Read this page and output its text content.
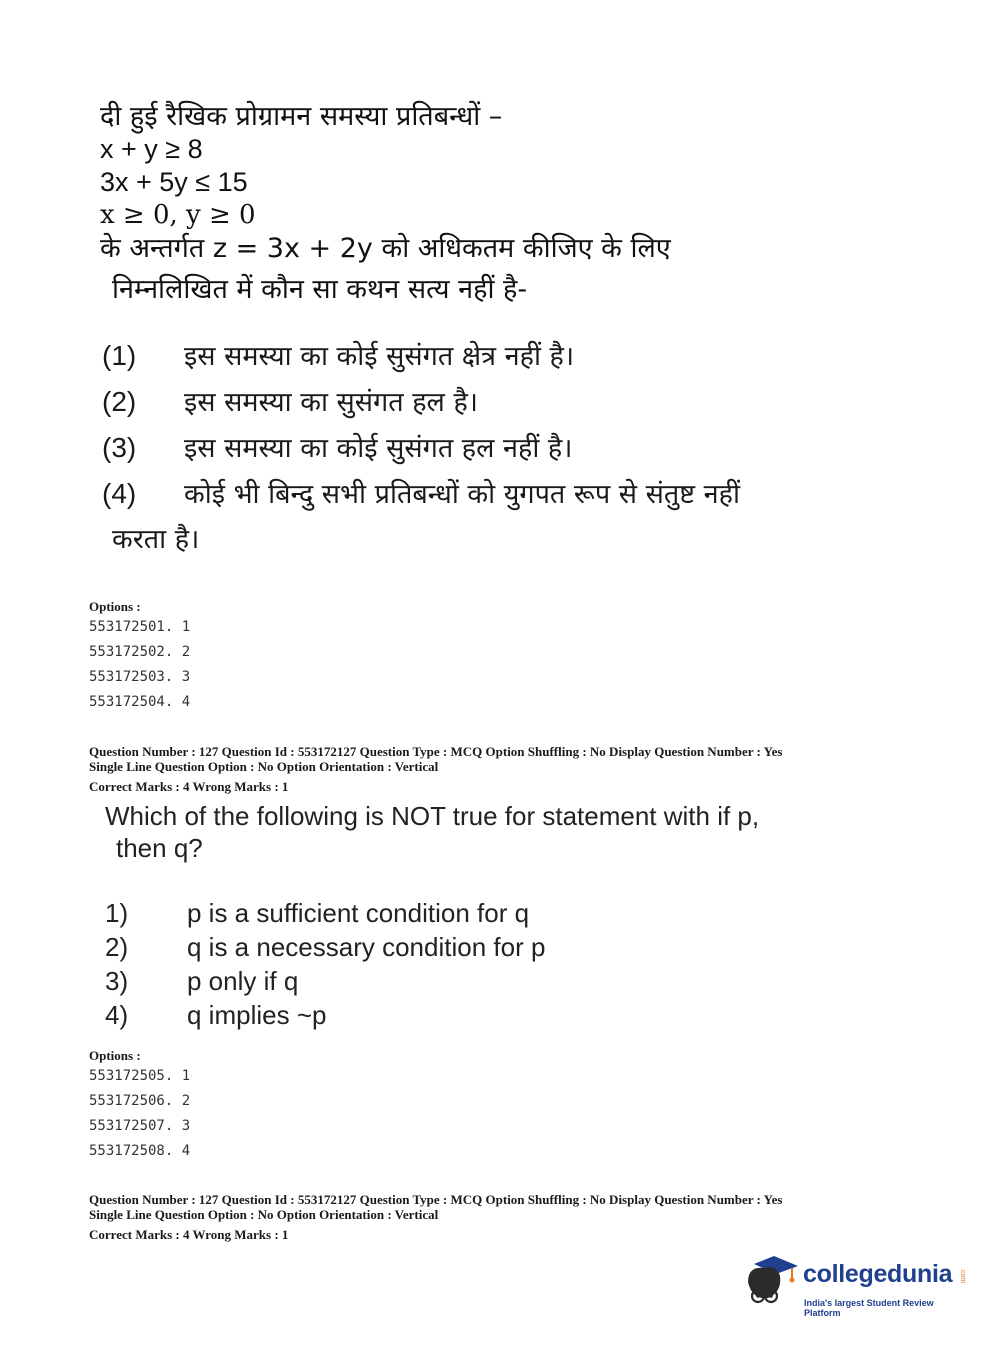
दी हुई रैखिक प्रोग्रामन समस्या प्रतिबन्धों –
x + y ≥ 8
3x + 5y ≤ 15
x ≥ 0, y ≥ 0
के अन्तर्गत z = 3x + 2y को अधिकतम कीजिए के लिए
निम्नलिखित में कौन सा कथन सत्य नहीं है-
(1)	इस समस्या का कोई सुसंगत क्षेत्र नहीं है।
(2)	इस समस्या का सुसंगत हल है।
(3)	इस समस्या का कोई सुसंगत हल नहीं है।
(4)	कोई भी बिन्दु सभी प्रतिबन्धों को युगपत रूप से संतुष्ट नहीं
करता है।
Options :
553172501. 1
553172502. 2
553172503. 3
553172504. 4
Question Number : 127 Question Id : 553172127 Question Type : MCQ Option Shuffling : No Display Question Number : Yes
Single Line Question Option : No Option Orientation : Vertical
Correct Marks : 4 Wrong Marks : 1
Which of the following is NOT true for statement with if p,
then q?
1)	p is a sufficient condition for q
2)	q is a necessary condition for p
3)	p only if q
4)	q implies ~p
Options :
553172505. 1
553172506. 2
553172507. 3
553172508. 4
Question Number : 127 Question Id : 553172127 Question Type : MCQ Option Shuffling : No Display Question Number : Yes
Single Line Question Option : No Option Orientation : Vertical
Correct Marks : 4 Wrong Marks : 1
collegedunia .com
India's largest Student Review Platform
